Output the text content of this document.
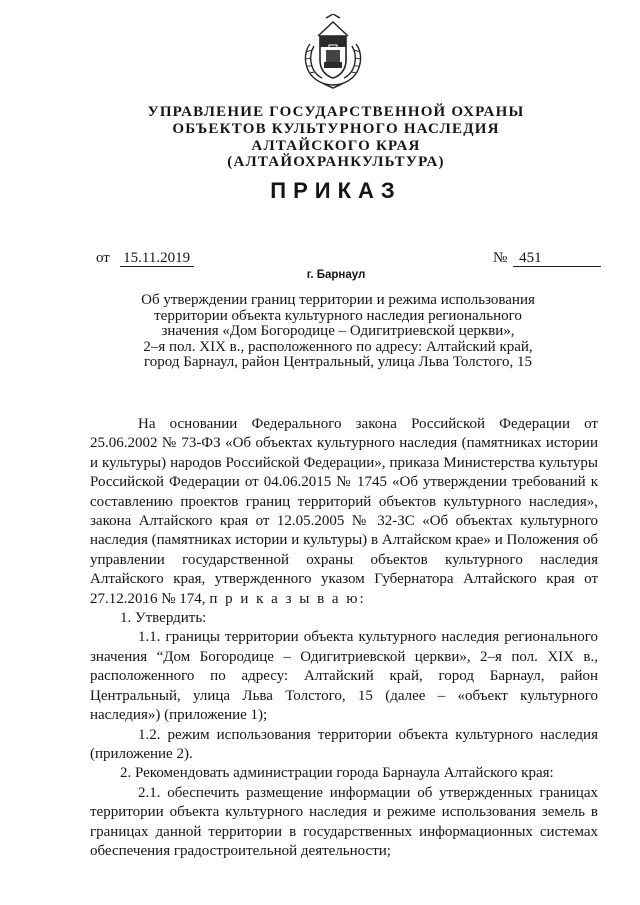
УПРАВЛЕНИЕ ГОСУДАРСТВЕННОЙ ОХРАНЫ
ОБЪЕКТОВ КУЛЬТУРНОГО НАСЛЕДИЯ
АЛТАЙСКОГО КРАЯ
(АЛТАЙОХРАНКУЛЬТУРА)
ПРИКАЗ
от 15.11.2019	№ 451
г. Барнаул
Об утверждении границ территории и режима использования
территории объекта культурного наследия регионального
значения «Дом Богородице – Одигитриевской церкви»,
2–я пол. XIX в., расположенного по адресу: Алтайский край,
город Барнаул, район Центральный, улица Льва Толстого, 15

На основании Федерального закона Российской Федерации от 25.06.2002 № 73-ФЗ «Об объектах культурного наследия (памятниках истории и культуры) народов Российской Федерации», приказа Министерства культуры Российской Федерации от 04.06.2015 № 1745 «Об утверждении требований к составлению проектов границ территорий объектов культурного наследия», закона Алтайского края от 12.05.2005 № 32-ЗС «Об объектах культурного наследия (памятниках истории и культуры) в Алтайском крае» и Положения об управлении государственной охраны объектов культурного наследия Алтайского края, утвержденного указом Губернатора Алтайского края от 27.12.2016 № 174, п р и к а з ы в а ю:

1. Утвердить:

1.1. границы территории объекта культурного наследия регионального значения “Дом Богородице – Одигитриевской церкви», 2–я пол. XIX в., расположенного по адресу: Алтайский край, город Барнаул, район Центральный, улица Льва Толстого, 15 (далее – «объект культурного наследия») (приложение 1);

1.2. режим использования территории объекта культурного наследия (приложение 2).

2. Рекомендовать администрации города Барнаула Алтайского края:

2.1. обеспечить размещение информации об утвержденных границах территории объекта культурного наследия и режиме использования земель в границах данной территории в государственных информационных системах обеспечения градостроительной деятельности;
